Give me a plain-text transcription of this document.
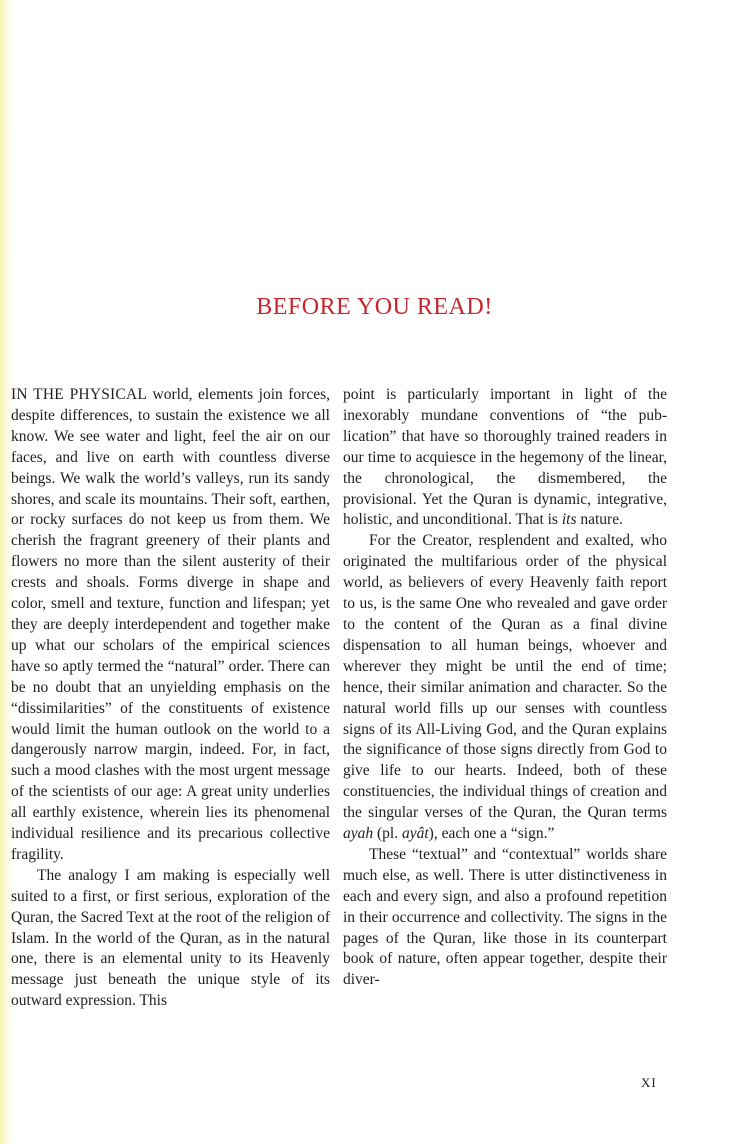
BEFORE YOU READ!

IN THE PHYSICAL world, elements join forces, despite differences, to sustain the existence we all know. We see water and light, feel the air on our faces, and live on earth with countless diverse beings. We walk the world’s valleys, run its sandy shores, and scale its mountains. Their soft, earthen, or rocky surfaces do not keep us from them. We cherish the fragrant greenery of their plants and flowers no more than the silent austerity of their crests and shoals. Forms diverge in shape and color, smell and texture, function and lifespan; yet they are deeply interdependent and together make up what our scholars of the empirical sciences have so aptly termed the “natural” order. There can be no doubt that an unyielding emphasis on the “dissimilarities” of the constituents of existence would limit the human outlook on the world to a dangerously narrow margin, indeed. For, in fact, such a mood clashes with the most urgent message of the scientists of our age: A great unity underlies all earthly existence, wherein lies its phenomenal individual resilience and its precarious collective fragility.

The analogy I am making is especially well suited to a first, or first serious, exploration of the Quran, the Sacred Text at the root of the religion of Islam. In the world of the Quran, as in the natural one, there is an elemental unity to its Heavenly message just beneath the unique style of its outward expression. This

point is particularly important in light of the inexorably mundane conventions of “the publication” that have so thoroughly trained readers in our time to acquiesce in the hegemony of the linear, the chronological, the dismembered, the provisional. Yet the Quran is dynamic, integrative, holistic, and unconditional. That is its nature.

For the Creator, resplendent and exalted, who originated the multifarious order of the physical world, as believers of every Heavenly faith report to us, is the same One who revealed and gave order to the content of the Quran as a final divine dispensation to all human beings, whoever and wherever they might be until the end of time; hence, their similar animation and character. So the natural world fills up our senses with countless signs of its All-Living God, and the Quran explains the significance of those signs directly from God to give life to our hearts. Indeed, both of these constituencies, the individual things of creation and the singular verses of the Quran, the Quran terms ayah (pl. ayât), each one a “sign.”

These “textual” and “contextual” worlds share much else, as well. There is utter distinctiveness in each and every sign, and also a profound repetition in their occurrence and collectivity. The signs in the pages of the Quran, like those in its counterpart book of nature, often appear together, despite their diver-

XI
